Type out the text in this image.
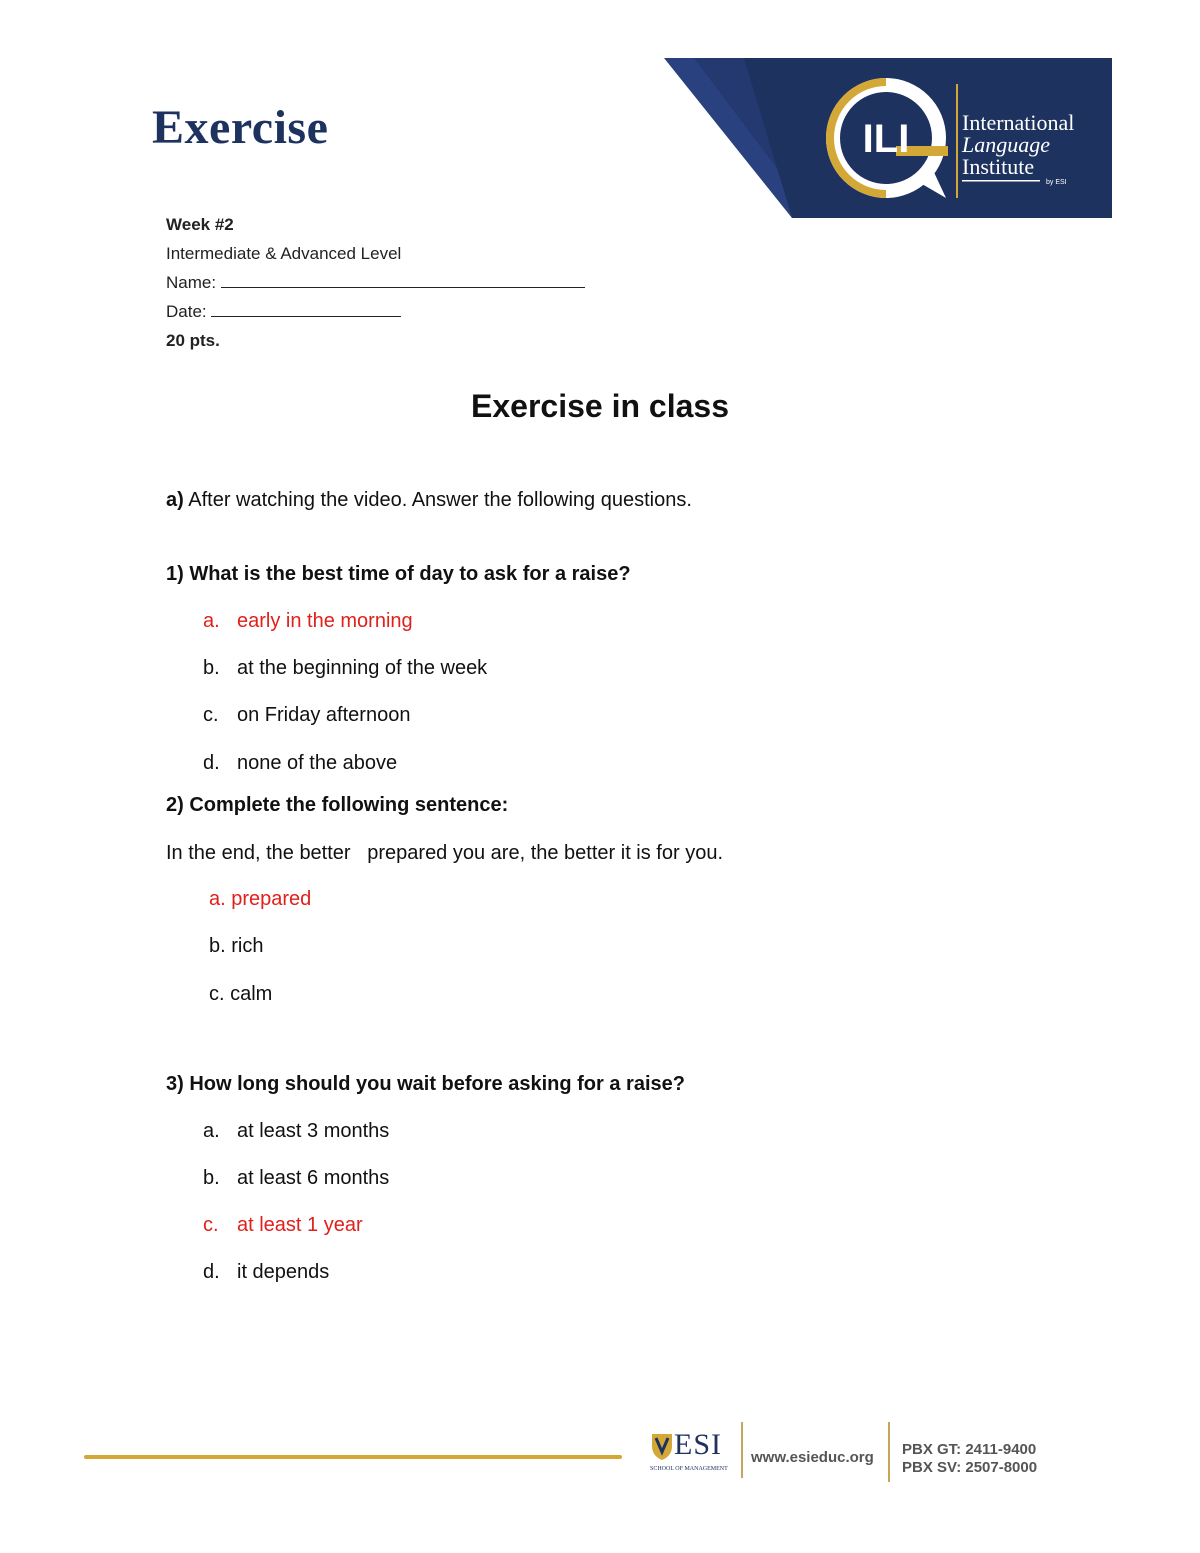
Exercise	ILI International
Language
Institute
by ESI
Week #2
Intermediate & Advanced Level
Name:
Date:
20 pts.
Exercise in class
a) After watching the video. Answer the following questions.
1) What is the best time of day to ask for a raise?
a. early in the morning
b. at the beginning of the week
c. on Friday afternoon
d. none of the above
2) Complete the following sentence:
In the end, the better   prepared you are, the better it is for you.
a. prepared
b. rich
c. calm
3) How long should you wait before asking for a raise?
a. at least 3 months
b. at least 6 months
c. at least 1 year
d. it depends
ESI
SCHOOL OF MANAGEMENT
www.esieduc.org PBX GT: 2411-9400
PBX SV: 2507-8000
